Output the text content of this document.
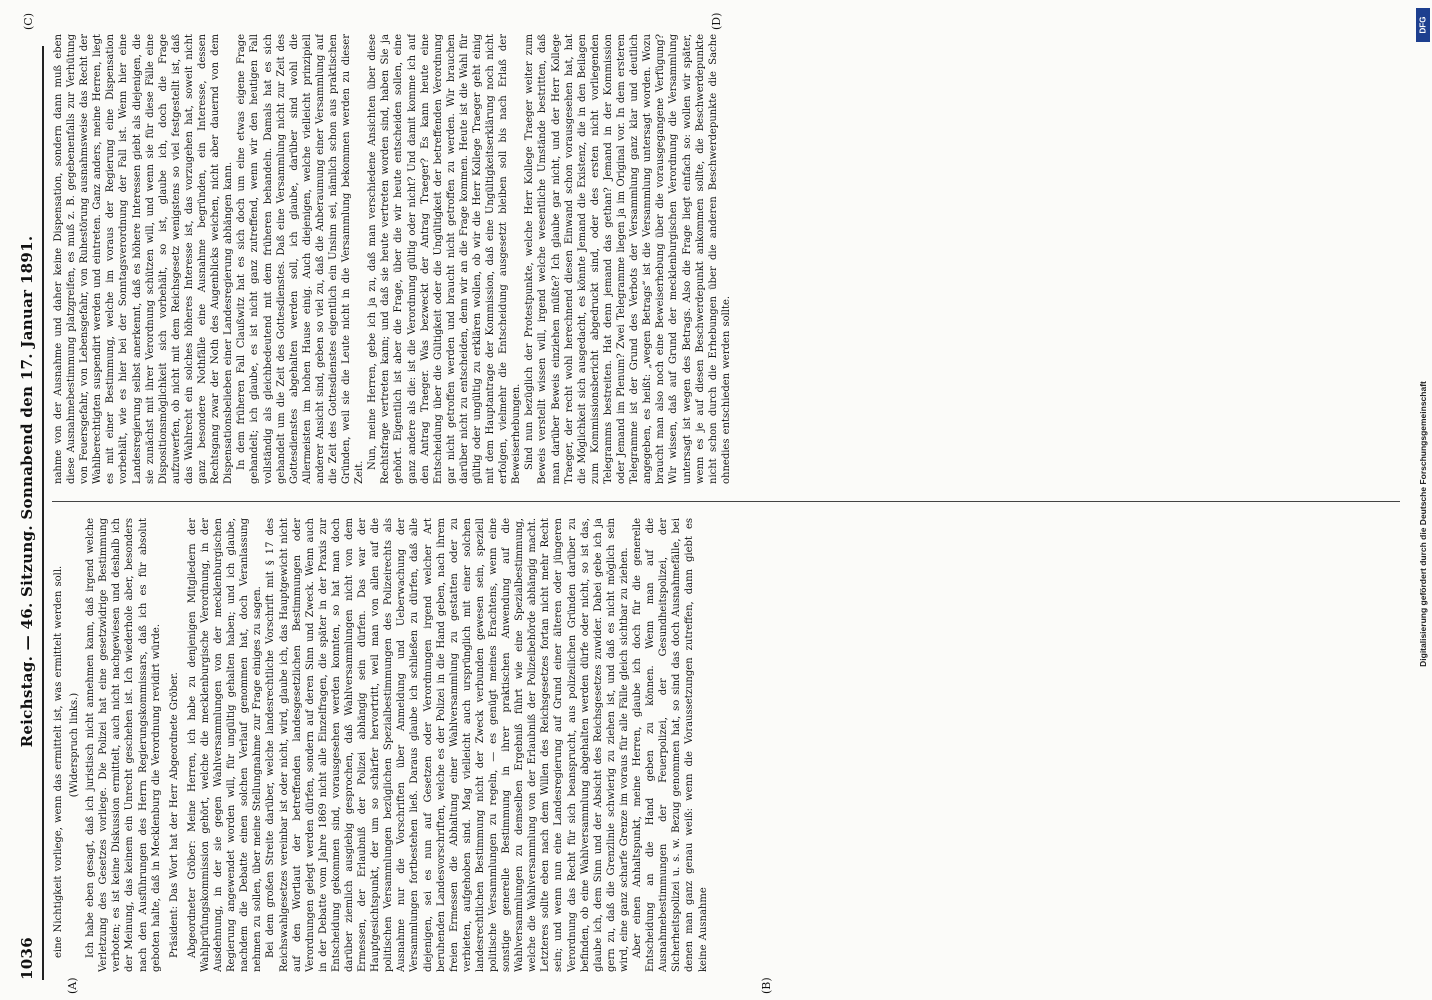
1036
Reichstag. — 46. Sitzung. Sonnabend den 17. Januar 1891.
(A)	(B)
(C)	(D)

eine Nichtigkeit vorliege, wenn das ermittelt ist, was ermittelt werden soll. (Widerspruch links.) Ich habe eben gesagt, daß ich juristisch nicht annehmen kann, daß irgend welche Verletzung des Gesetzes vorliege. Die Polizei hat eine gesetzwidrige Bestimmung verboten; es ist keine Diskussion ermittelt, auch nicht nachgewiesen und deshalb ich der Meinung, das keinem ein Unrecht geschehen ist. Ich wiederhole aber, besonders nach den Ausführungen des Herrn Regierungskommissars, daß ich es für absolut geboten halte, daß in Mecklenburg die Verordnung revidirt würde. Präsident: Das Wort hat der Herr Abgeordnete Gröber. Abgeordneter Gröber: Meine Herren, ich habe zu denjenigen Mitgliedern der Wahlprüfungskommission gehört, welche die mecklenburgische Verordnung, in der Ausdehnung, in der sie gegen Wahlversammlungen von der mecklenburgischen Regierung angewendet worden will, für ungültig gehalten haben; und ich glaube, nachdem die Debatte einen solchen Verlauf genommen hat, doch Veranlassung nehmen zu sollen, über meine Stellungnahme zur Frage einiges zu sagen. Bei dem großen Streite darüber, welche landesrechtliche Vorschrift mit § 17 des Reichswahlgesetzes vereinbar ist oder nicht, wird, glaube ich, das Hauptgewicht nicht auf den Wortlaut der betreffenden landesgesetzlichen Bestimmungen oder Verordnungen gelegt werden dürfen, sondern auf deren Sinn und Zweck. Wenn auch in der Debatte vom Jahre 1869 nicht alle Einzelfragen, die später in der Praxis zur Entscheidung gekommen sind, vorausgesehen werden konnten, so hat man doch darüber ziemlich ausgiebig gesprochen, daß Wahlversammlungen nicht von dem Ermessen, der Erlaubniß der Polizei abhängig sein dürfen. Das war der Hauptgesichtspunkt, der um so schärfer hervortritt, weil man von allen auf die politischen Versammlungen bezüglichen Spezialbestimmungen des Polizeirechts als Ausnahme nur die Vorschriften über Anmeldung und Ueberwachung der Versammlungen fortbestehen ließ. Daraus glaube ich schließen zu dürfen, daß alle diejenigen, sei es nun auf Gesetzen oder Verordnungen irgend welcher Art beruhenden Landesvorschriften, welche es der Polizei in die Hand geben, nach ihrem freien Ermessen die Abhaltung einer Wahlversammlung zu gestatten oder zu verbieten, aufgehoben sind. Mag vielleicht auch ursprünglich mit einer solchen landesrechtlichen Bestimmung nicht der Zweck verbunden gewesen sein, speziell politische Versammlungen zu regeln, — es genügt meines Erachtens, wenn eine sonstige generelle Bestimmung in ihrer praktischen Anwendung auf die Wahlversammlungen zu demselben Ergebniß führt wie eine Spezialbestimmung, welche die Wahlversammlung von der Erlaubniß der Polizeibehörde abhängig macht. Letzteres sollte eben nach dem Willen des Reichsgesetzes fortan nicht mehr Recht sein; und wenn nun eine Landesregierung auf Grund einer älteren oder jüngeren Verordnung das Recht für sich beansprucht, aus polizeilichen Gründen darüber zu befinden, ob eine Wahlversammlung abgehalten werden dürfe oder nicht, so ist das, glaube ich, dem Sinn und der Absicht des Reichsgesetzes zuwider. Dabei gebe ich ja gern zu, daß die Grenzlinie schwierig zu ziehen ist, und daß es nicht möglich sein wird, eine ganz scharfe Grenze im voraus für alle Fälle gleich sichtbar zu ziehen. Aber einen Anhaltspunkt, meine Herren, glaube ich doch für die generelle Entscheidung an die Hand geben zu können. Wenn man auf die Ausnahmebestimmungen der Feuerpolizei, der Gesundheitspolizei, der Sicherheitspolizei u. s. w. Bezug genommen hat, so sind das doch Ausnahmefälle, bei denen man ganz genau weiß: wenn die Voraussetzungen zutreffen, dann giebt es keine Ausnahme

nahme von der Ausnahme und daher keine Dispensation, sondern dann muß eben diese Ausnahmebestimmung platzgreifen, es muß z. B. gegebenenfalls zur Verhütung von Feuersgefahr, von Lebensgefahr, von Ruhestörung ausnahmsweise das Recht der Wahlberechtigten suspendirt werden und eintreten. Ganz anders, meine Herren, liegt es mit einer Bestimmung, welche im voraus der Regierung eine Dispensation vorbehält, wie es hier bei der Sonntagsverordnung der Fall ist. Wenn hier eine Landesregierung selbst anerkennt, daß es höhere Interessen giebt als diejenigen, die sie zunächst mit ihrer Verordnung schützen will, und wenn sie für diese Fälle eine Dispositionsmöglichkeit sich vorbehält, so ist, glaube ich, doch die Frage aufzuwerfen, ob nicht mit dem Reichsgesetz wenigstens so viel festgestellt ist, daß das Wahlrecht ein solches höheres Interesse ist, das vorzugehen hat, soweit nicht ganz besondere Nothfälle eine Ausnahme begründen, ein Interesse, dessen Rechtsgang zwar der Noth des Augenblicks weichen, nicht aber dauernd von dem Dispensationsbelieben einer Landesregierung abhängen kann. In dem früheren Fall Claußwitz hat es sich doch um eine etwas eigene Frage gehandelt; ich glaube, es ist nicht ganz zutreffend, wenn wir den heutigen Fall vollständig als gleichbedeutend mit dem früheren behandeln. Damals hat es sich gehandelt um die Zeit des Gottesdienstes. Daß eine Versammlung nicht zur Zeit des Gottesdienstes abgehalten werden soll, ich glaube, darüber sind wohl die Allermeisten im hohen Hause einig. Auch diejenigen, welche vielleicht prinzipiell anderer Ansicht sind, geben so viel zu, daß die Anberaumung einer Versammlung auf die Zeit des Gottesdienstes eigentlich ein Unsinn sei, nämlich schon aus praktischen Gründen, weil sie die Leute nicht in die Versammlung bekommen werden zu dieser Zeit.

Nun, meine Herren, gebe ich ja zu, daß man verschiedene Ansichten über diese Rechtsfrage vertreten kann; und daß sie heute vertreten worden sind, haben Sie ja gehört. Eigentlich ist aber die Frage, über die wir heute entscheiden sollen, eine ganz andere als die: ist die Verordnung gültig oder nicht? Und damit komme ich auf den Antrag Traeger. Was bezweckt der Antrag Traeger? Es kann heute eine Entscheidung über die Gültigkeit oder die Ungültigkeit der betreffenden Verordnung gar nicht getroffen werden und braucht nicht getroffen zu werden. Wir brauchen darüber nicht zu entscheiden, denn wir an die Frage kommen. Heute ist die Wahl für gültig oder ungültig zu erklären wollen, ob wir die Herr Kollege Traeger geht einig mit dem Hauptantrage der Kommission, daß eine Ungültigkeitserklärung noch nicht erfolgen, vielmehr die Entscheidung ausgesetzt bleiben soll bis nach Erlaß der Beweiserhebungen. Sind nun bezüglich der Protestpunkte, welche Herr Kollege Traeger weiter zum Beweis verstellt wissen will, irgend welche wesentliche Umstände bestritten, daß man darüber Beweis einziehen müßte? Ich glaube gar nicht, und der Herr Kollege Traeger, der recht wohl herechnend diesen Einwand schon vorausgesehen hat, hat die Möglichkeit sich ausgedacht, es könnte Jemand die Existenz, die in den Beilagen zum Kommissionsbericht abgedruckt sind, oder des ersten nicht vorliegenden Telegramms bestreiten. Hat denn jemand das gethan? Jemand in der Kommission oder Jemand im Plenum? Zwei Telegramme liegen ja im Original vor. In dem ersteren Telegramme ist der Grund des Verbots der Versammlung ganz klar und deutlich angegeben, es heißt: „wegen Betrags“ ist die Versammlung untersagt worden. Wozu braucht man also noch eine Beweiserhebung über die vorausgegangene Verfügung? Wir wissen, daß auf Grund der mecklenburgischen Verordnung die Versammlung untersagt ist wegen des Betrags. Also die Frage liegt einfach so: wollen wir später, wenn es je auf diesen Beschwerdepunkt ankommen sollte, die Beschwerdepunkte nicht schon durch die Erhebungen über die anderen Beschwerdepunkte die Sache ohnedies entschieden werden sollte.

DFG
Digitalisierung gefördert durch die Deutsche Forschungsgemeinschaft
